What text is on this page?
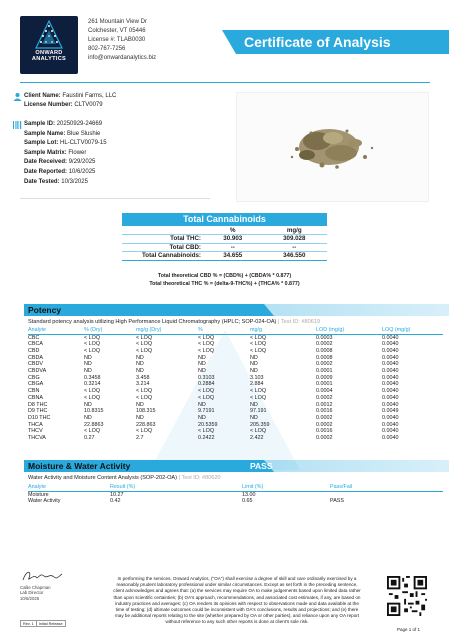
ONWARD
ANALYTICS
261 Mountain View Dr
Colchester, VT 05446
License #: TLAB0030
802-767-7256
info@onwardanalytics.biz
Certificate of Analysis
Client Name: Faustini Farms, LLC
License Number: CLTV0079
Sample ID: 20250929-24669
Sample Name: Blue Slushie
Sample Lot: HL-CLTV0079-15
Sample Matrix: Flower
Date Received: 9/29/2025
Date Reported: 10/6/2025
Date Tested: 10/3/2025
Total Cannabinoids
	%	mg/g
Total THC:	30.903	309.028
Total CBD:	--	--
Total Cannabinoids:	34.655	346.550
Total theoretical CBD % = (CBD%) + (CBDA% * 0.877)
Total theoretical THC % = (delta-9-THC%) + (THCA% * 0.877)
Potency
Standard potency analysis utilizing High Performance Liquid Chromatography (HPLC; SOP-024-OA) | Test ID: #80619
Analyte	% (Dry)	mg/g (Dry)	%	mg/g	LOD (mg/g)	LOQ (mg/g)
CBC	< LOQ	< LOQ	< LOQ	< LOQ	0.0003	0.0040
CBCA	< LOQ	< LOQ	< LOQ	< LOQ	0.0002	0.0040
CBD	< LOQ	< LOQ	< LOQ	< LOQ	0.0008	0.0040
CBDA	ND	ND	ND	ND	0.0008	0.0040
CBDV	ND	ND	ND	ND	0.0002	0.0040
CBDVA	ND	ND	ND	ND	0.0001	0.0040
CBG	0.3458	3.458	0.3103	3.103	0.0009	0.0040
CBGA	0.3214	3.214	0.2884	2.884	0.0001	0.0040
CBN	< LOQ	< LOQ	< LOQ	< LOQ	0.0004	0.0040
CBNA	< LOQ	< LOQ	< LOQ	< LOQ	0.0002	0.0040
D8 THC	ND	ND	ND	ND	0.0012	0.0040
D9 THC	10.8315	108.315	9.7191	97.191	0.0016	0.0049
D10 THC	ND	ND	ND	ND	0.0002	0.0040
THCA	22.8863	228.863	20.5359	205.359	0.0002	0.0040
THCV	< LOQ	< LOQ	< LOQ	< LOQ	0.0016	0.0040
THCVA	0.27	2.7	0.2422	2.422	0.0002	0.0040
Moisture & Water Activity	PASS
Water Activity and Moisture Content Analysis (SOP-202-OA) | Test ID: #80620
Analyte	Result (%)	Limit (%)	Pass/Fail
Moisture	10.27	13.00	
Water Activity	0.42	0.65	PASS
Callie Chapman
Lab Director
10/6/2025
Rev. 1	Initial Release
In performing the services, Onward Analytics, ("OA") shall exercise a degree of skill and care ordinarily exercised by a reasonably prudent laboratory professional under similar circumstances. Except as set forth in the preceding sentence, client acknowledges and agrees that: (a) the services may require OA to make judgements based upon limited data rather than upon scientific certainties; (b) OA's approach, recommendations, and associated cost estimates, if any, are based on industry practices and averages; (c) OA renders its opinions with respect to observations made and data available at the time of testing; (d) ultimate outcomes could be inconsistent with OA's conclusions, results and projections; and (e) there may be additional reports relating to the site (whether prepared by OA or other parties), and reliance upon any OA report without reference to any such other reports is done at client's sole risk.
Page 1 of 1
